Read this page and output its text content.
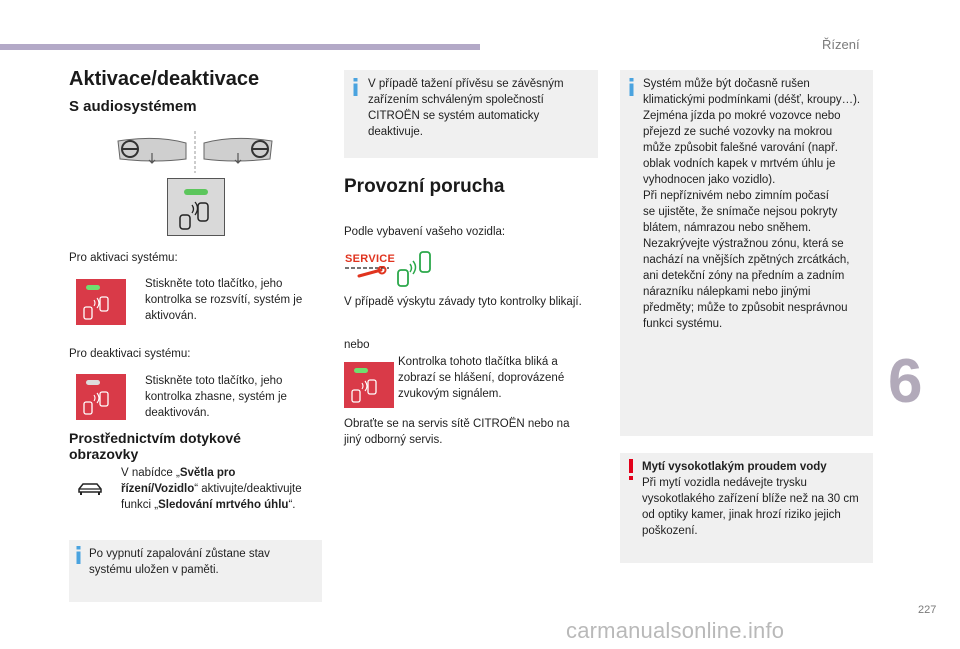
Řízení
6
227
Aktivace/deaktivace
S audiosystémem
Pro aktivaci systému:
Stiskněte toto tlačítko, jeho
kontrolka se rozsvítí, systém je
aktivován.
Pro deaktivaci systému:
Stiskněte toto tlačítko, jeho
kontrolka zhasne, systém je
deaktivován.
Prostřednictvím dotykové
obrazovky
V nabídce „Světla pro
řízení/Vozidlo“ aktivujte/deaktivujte
funkci „Sledování mrtvého úhlu“.
Po vypnutí zapalování zůstane stav
systému uložen v paměti.
V případě tažení přívěsu se závěsným
zařízením schváleným společností
CITROËN se systém automaticky
deaktivuje.
Provozní porucha
Podle vybavení vašeho vozidla:
SERVICE
V případě výskytu závady tyto kontrolky blikají.
nebo
Kontrolka tohoto tlačítka bliká a
zobrazí se hlášení, doprovázené
zvukovým signálem.
Obraťte se na servis sítě CITROËN nebo na
jiný odborný servis.
Systém může být dočasně rušen
klimatickými podmínkami (déšť, kroupy…).
Zejména jízda po mokré vozovce nebo
přejezd ze suché vozovky na mokrou
může způsobit falešné varování (např.
oblak vodních kapek v mrtvém úhlu je
vyhodnocen jako vozidlo).
Při nepříznivém nebo zimním počasí
se ujistěte, že snímače nejsou pokryty
blátem, námrazou nebo sněhem.
Nezakrývejte výstražnou zónu, která se
nachází na vnějších zpětných zrcátkách,
ani detekční zóny na předním a zadním
nárazníku nálepkami nebo jinými
předměty; může to způsobit nesprávnou
funkci systému.
Mytí vysokotlakým proudem vody
Při mytí vozidla nedávejte trysku
vysokotlakého zařízení blíže než na 30 cm
od optiky kamer, jinak hrozí riziko jejich
poškození.
carmanualsonline.info
